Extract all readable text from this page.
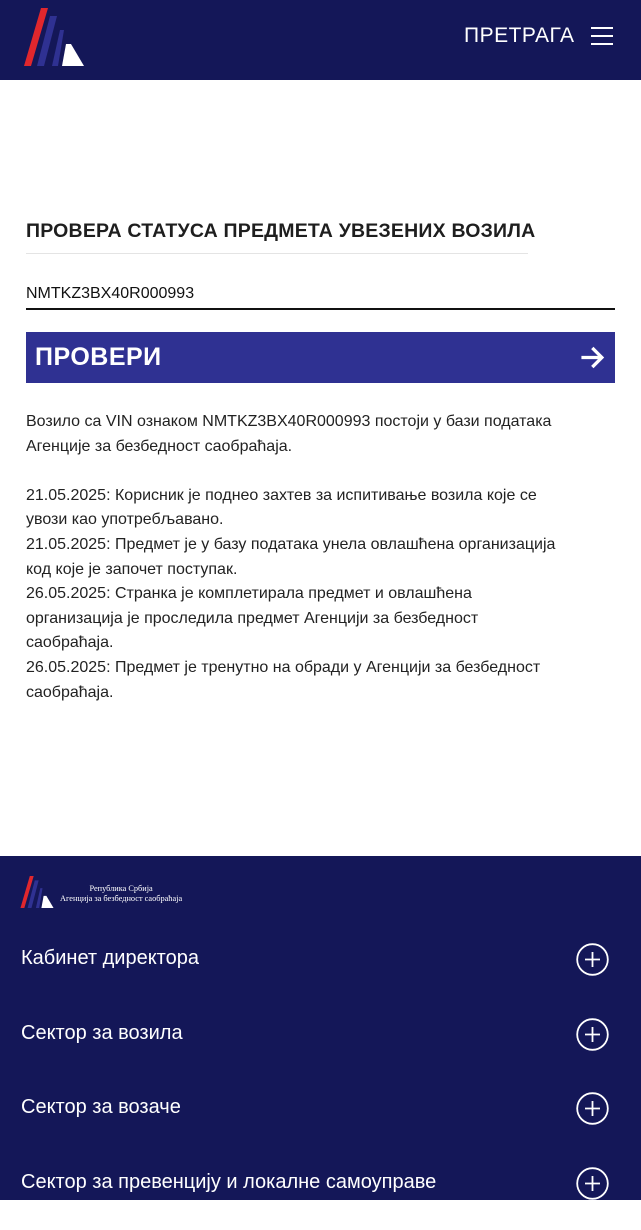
ПРЕТРАГА
ПРОВЕРА СТАТУСА ПРЕДМЕТА УВЕЗЕНИХ ВОЗИЛА
NMTKZ3BX40R000993
ПРОВЕРИ

Возило са VIN ознаком NMTKZ3BX40R000993 постоји у бази података
Агенције за безбедност саобраћаја.

21.05.2025: Корисник је поднео захтев за испитивање возила које се
увози као употребљавано.

21.05.2025: Предмет је у базу података унела овлашћена организација
код које је започет поступак.

26.05.2025: Странка је комплетирала предмет и овлашћена
организација је проследила предмет Агенцији за безбедност
саобраћаја.

26.05.2025: Предмет је тренутно на обради у Агенцији за безбедност
саобраћаја.

Република Србија
Агенција за безбедност саобраћаја
Кабинет директора
Сектор за возила
Сектор за возаче
Сектор за превенцију и локалне самоуправе
